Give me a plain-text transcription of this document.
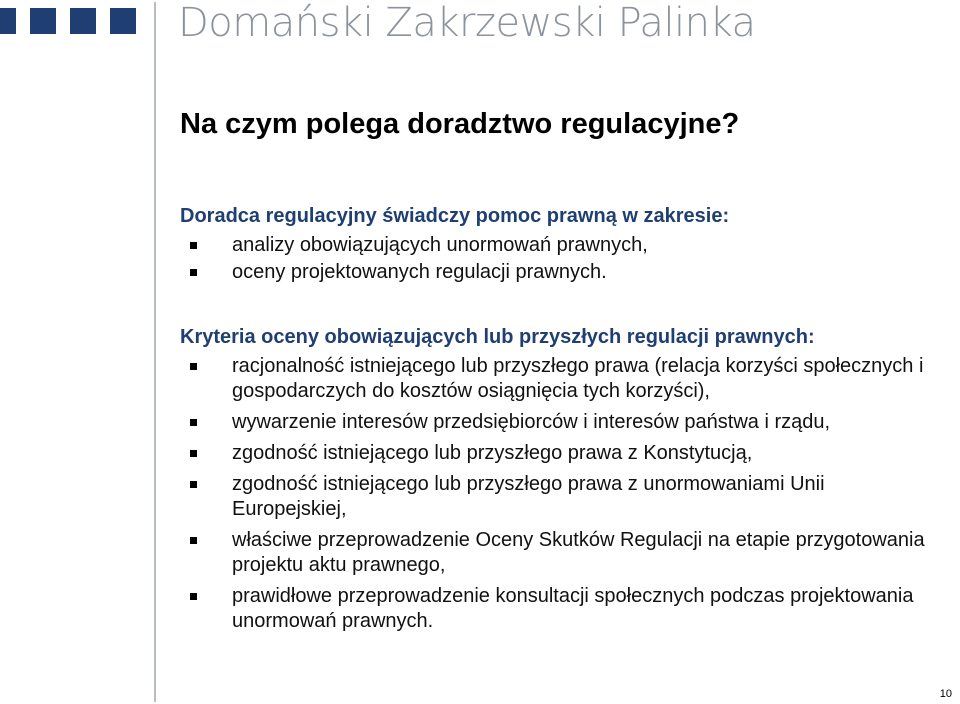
Domański Zakrzewski Palinka
Na czym polega doradztwo regulacyjne?
Doradca regulacyjny świadczy pomoc prawną w zakresie:
analizy obowiązujących unormowań prawnych,
oceny projektowanych regulacji prawnych.
Kryteria oceny obowiązujących lub przyszłych regulacji prawnych:
racjonalność istniejącego lub przyszłego prawa (relacja korzyści społecznych i gospodarczych do kosztów osiągnięcia tych korzyści),
wywarzenie interesów przedsiębiorców i interesów państwa i rządu,
zgodność istniejącego lub przyszłego prawa z Konstytucją,
zgodność istniejącego lub przyszłego prawa z unormowaniami Unii Europejskiej,
właściwe przeprowadzenie Oceny Skutków Regulacji na etapie przygotowania projektu aktu prawnego,
prawidłowe przeprowadzenie konsultacji społecznych podczas projektowania unormowań prawnych.
10
